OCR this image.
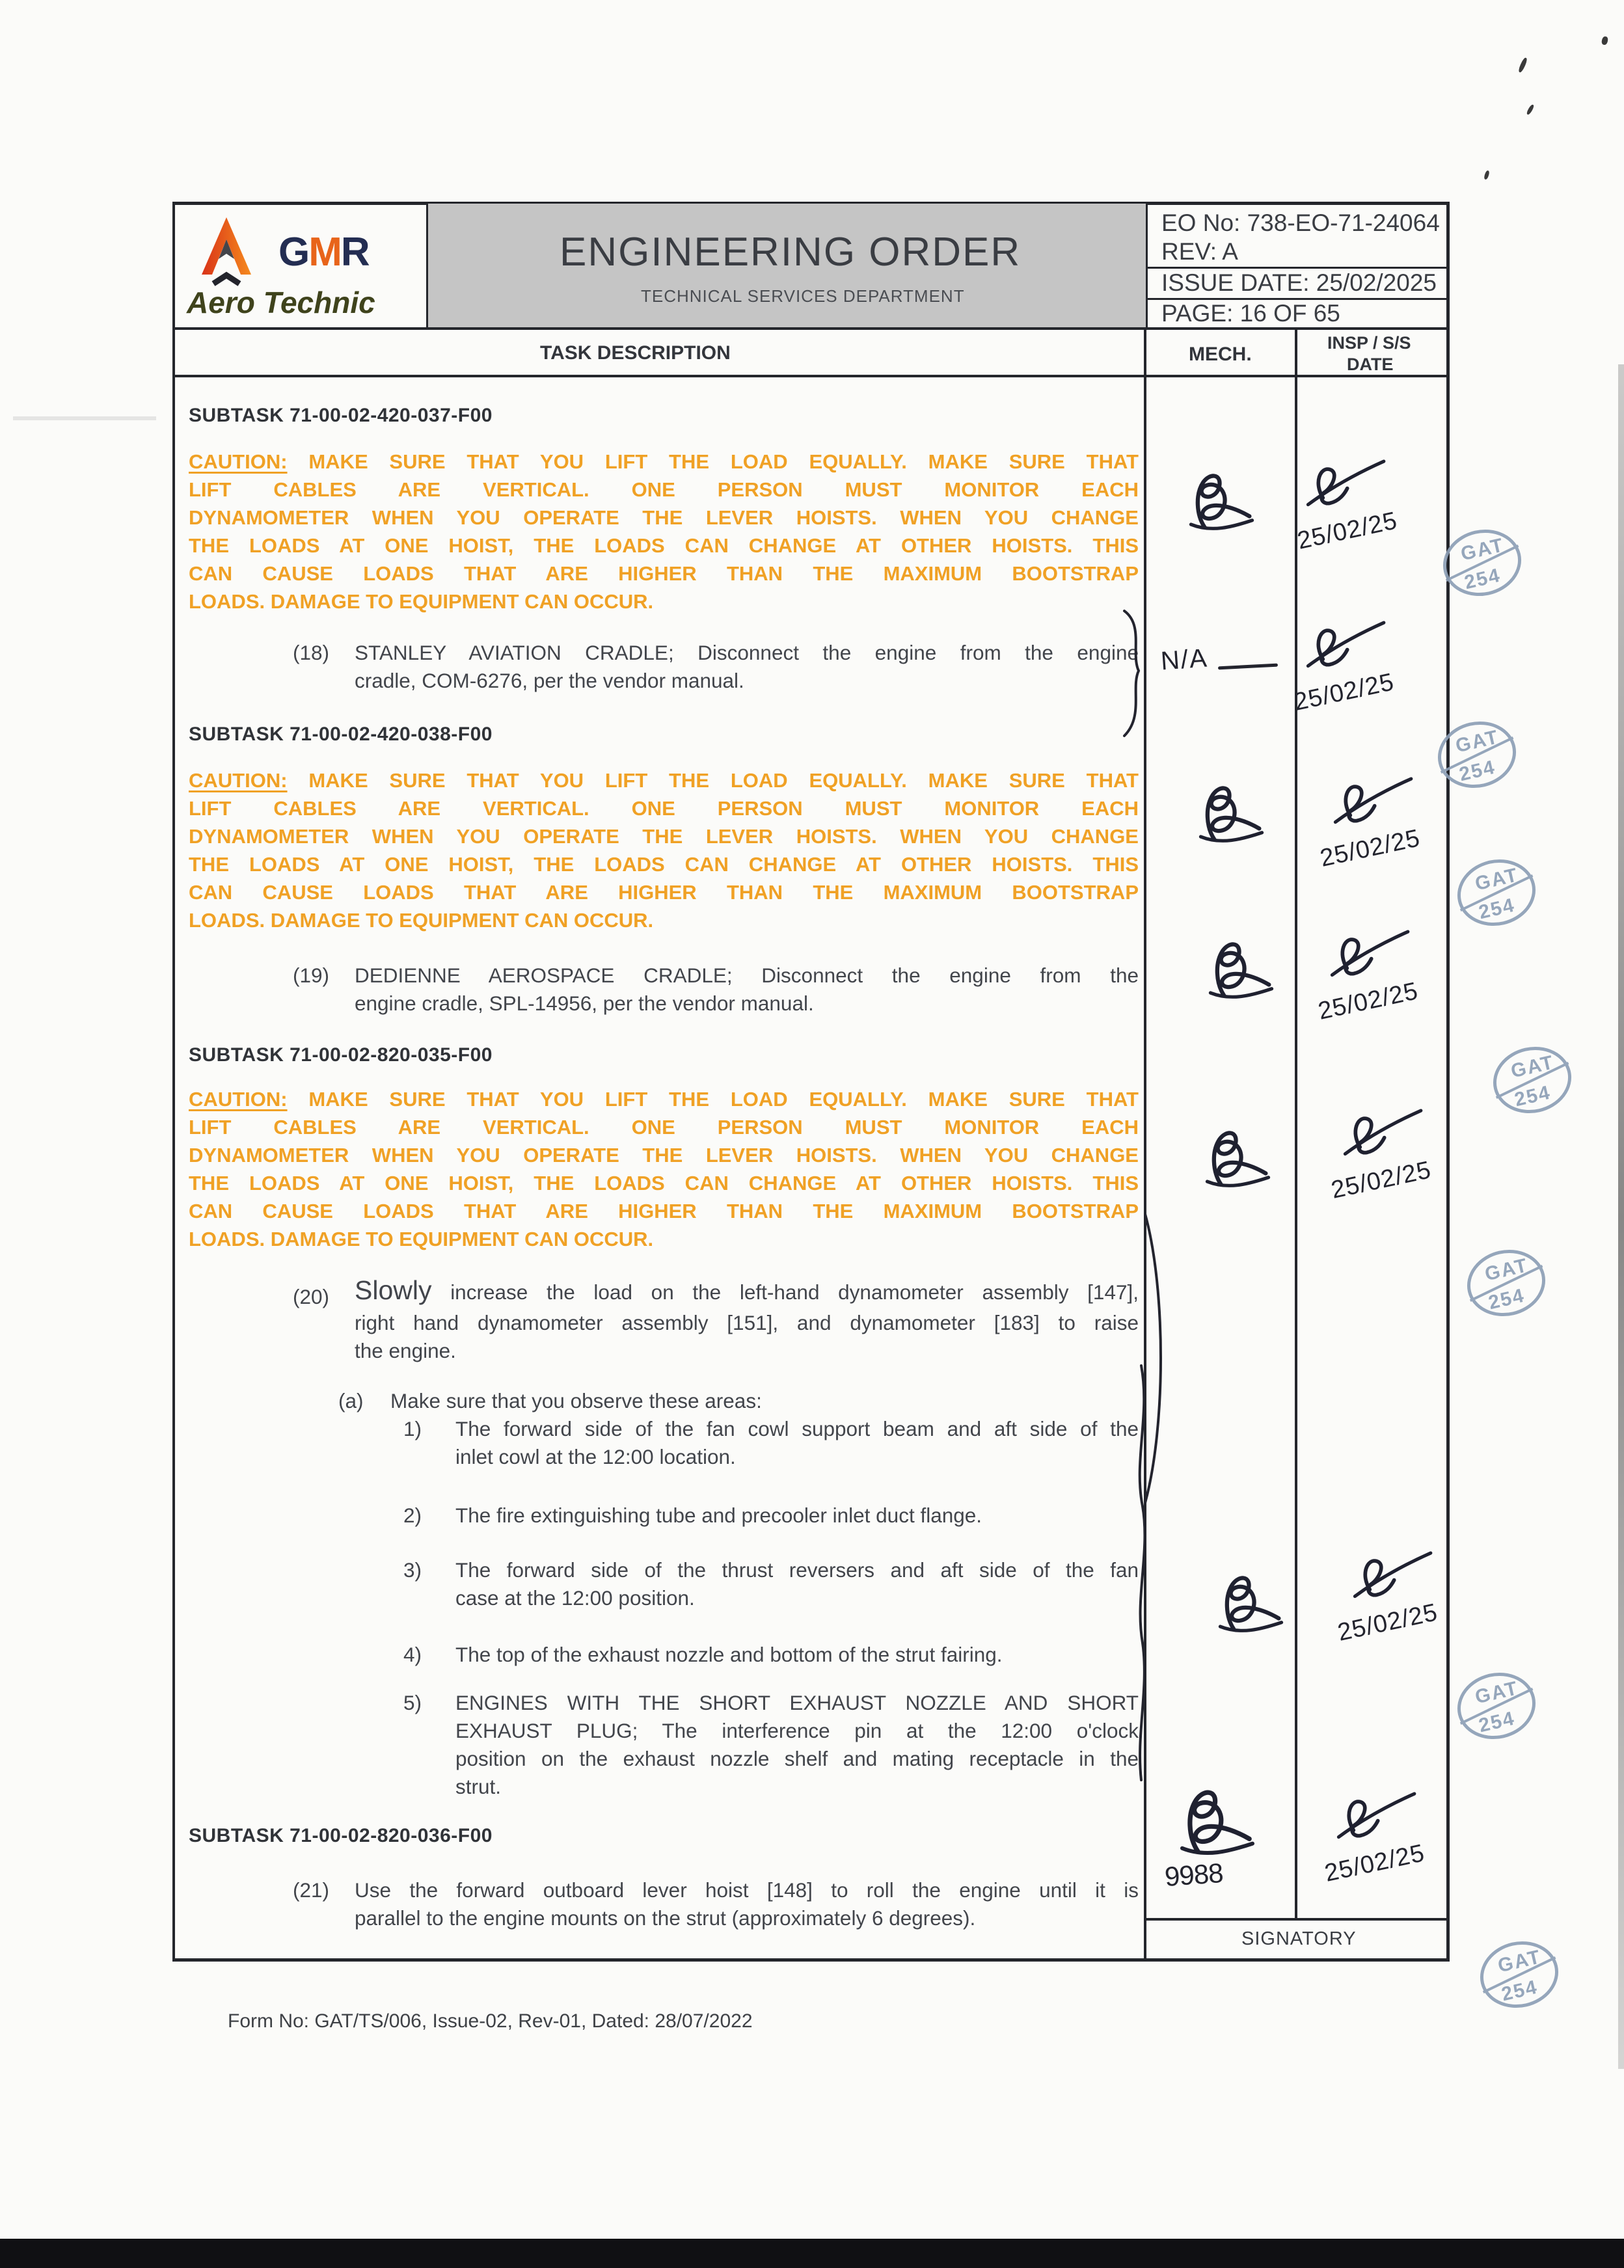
GMR
Aero Technic
ENGINEERING ORDER
TECHNICAL SERVICES DEPARTMENT
EO No: 738-EO-71-24064
REV: A
ISSUE DATE: 25/02/2025
PAGE: 16 OF 65
TASK DESCRIPTION	MECH.
INSP / S/S
DATE
SIGNATORY
SUBTASK 71-00-02-420-037-F00
CAUTION: MAKE SURE THAT YOU LIFT THE LOAD EQUALLY. MAKE SURE THAT
LIFT CABLES ARE VERTICAL. ONE PERSON MUST MONITOR EACH
DYNAMOMETER WHEN YOU OPERATE THE LEVER HOISTS. WHEN YOU CHANGE
THE LOADS AT ONE HOIST, THE LOADS CAN CHANGE AT OTHER HOISTS. THIS
CAN CAUSE LOADS THAT ARE HIGHER THAN THE MAXIMUM BOOTSTRAP
LOADS. DAMAGE TO EQUIPMENT CAN OCCUR.
(18) STANLEY AVIATION CRADLE; Disconnect the engine from the engine
cradle, COM-6276, per the vendor manual.
SUBTASK 71-00-02-420-038-F00
CAUTION: MAKE SURE THAT YOU LIFT THE LOAD EQUALLY. MAKE SURE THAT
LIFT CABLES ARE VERTICAL. ONE PERSON MUST MONITOR EACH
DYNAMOMETER WHEN YOU OPERATE THE LEVER HOISTS. WHEN YOU CHANGE
THE LOADS AT ONE HOIST, THE LOADS CAN CHANGE AT OTHER HOISTS. THIS
CAN CAUSE LOADS THAT ARE HIGHER THAN THE MAXIMUM BOOTSTRAP
LOADS. DAMAGE TO EQUIPMENT CAN OCCUR.
(19) DEDIENNE AEROSPACE CRADLE; Disconnect the engine from the
engine cradle, SPL-14956, per the vendor manual.
SUBTASK 71-00-02-820-035-F00
CAUTION: MAKE SURE THAT YOU LIFT THE LOAD EQUALLY. MAKE SURE THAT
LIFT CABLES ARE VERTICAL. ONE PERSON MUST MONITOR EACH
DYNAMOMETER WHEN YOU OPERATE THE LEVER HOISTS. WHEN YOU CHANGE
THE LOADS AT ONE HOIST, THE LOADS CAN CHANGE AT OTHER HOISTS. THIS
CAN CAUSE LOADS THAT ARE HIGHER THAN THE MAXIMUM BOOTSTRAP
LOADS. DAMAGE TO EQUIPMENT CAN OCCUR.
(20) Slowly increase the load on the left-hand dynamometer assembly [147],
right hand dynamometer assembly [151], and dynamometer [183] to raise
the engine.
(a) Make sure that you observe these areas:
1) The forward side of the fan cowl support beam and aft side of the
inlet cowl at the 12:00 location.
2) The fire extinguishing tube and precooler inlet duct flange.
3) The forward side of the thrust reversers and aft side of the fan
case at the 12:00 position.
4) The top of the exhaust nozzle and bottom of the strut fairing.
5) ENGINES WITH THE SHORT EXHAUST NOZZLE AND SHORT
EXHAUST PLUG; The interference pin at the 12:00 o'clock
position on the exhaust nozzle shelf and mating receptacle in the
strut.
SUBTASK 71-00-02-820-036-F00
(21) Use the forward outboard lever hoist [148] to roll the engine until it is
parallel to the engine mounts on the strut (approximately 6 degrees).
N/A
9988
25/02/25
25/02/25
25/02/25
25/02/25
25/02/25
25/02/25
25/02/25
GAT
254
GAT
254
GAT
254
GAT
254
GAT
254
GAT
254
GAT
254
Form No: GAT/TS/006, Issue-02, Rev-01, Dated: 28/07/2022
